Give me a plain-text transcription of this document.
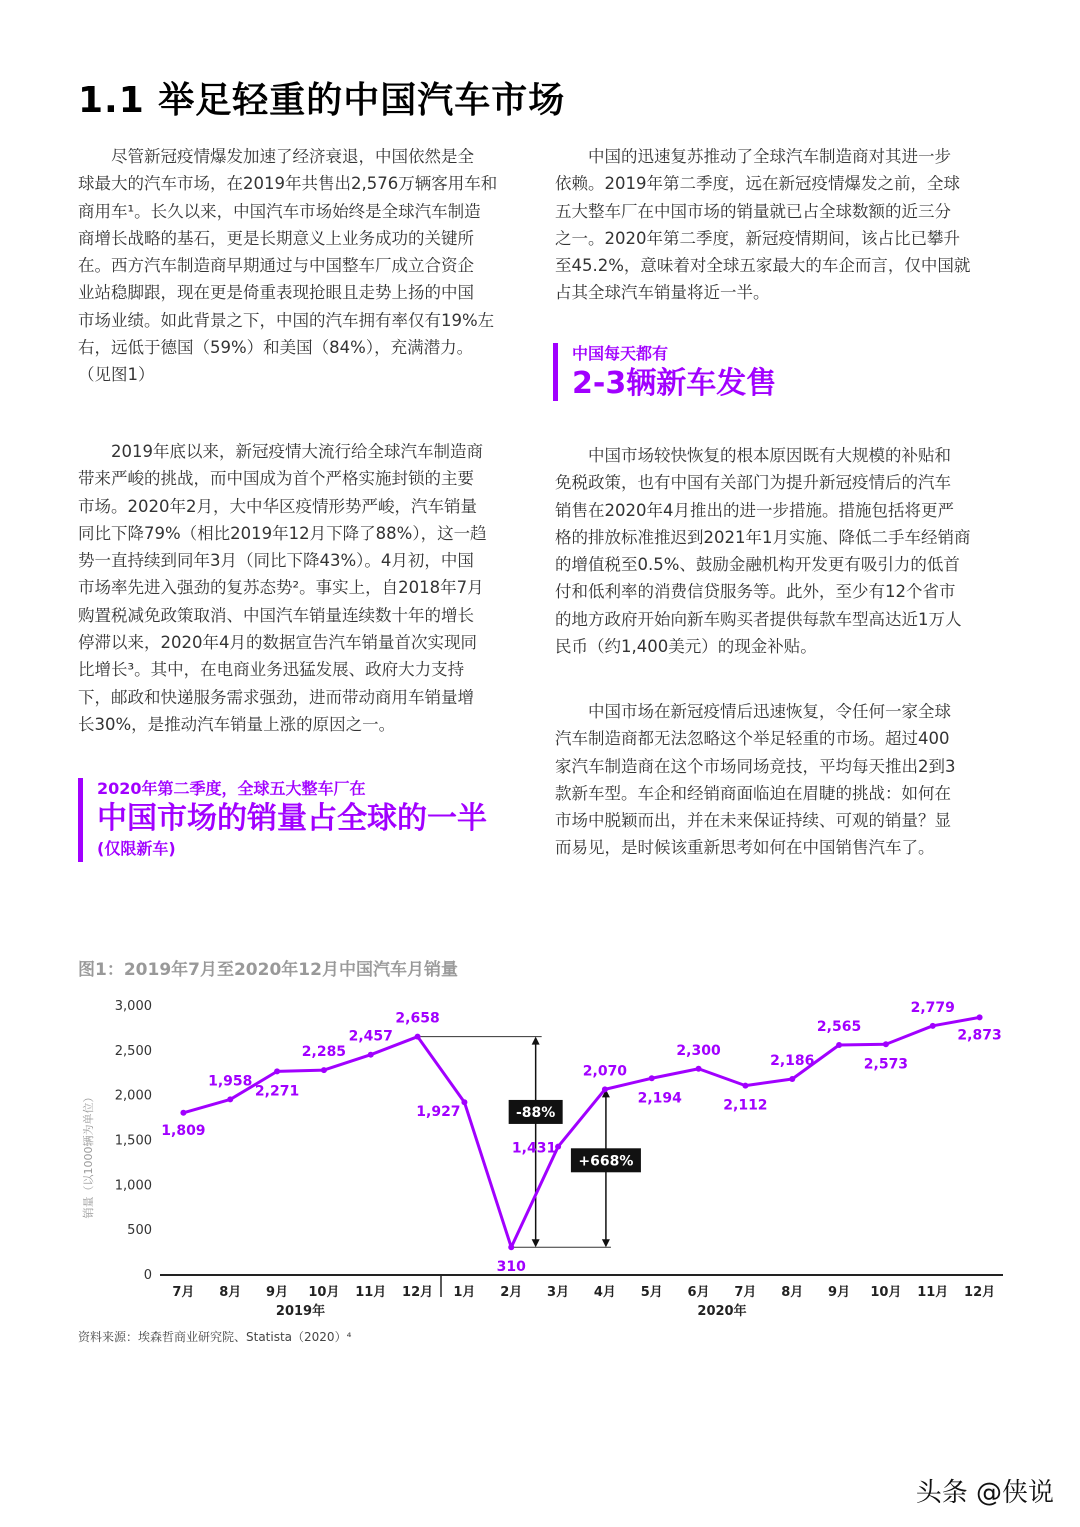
1.1 举足轻重的中国汽车市场
尽管新冠疫情爆发加速了经济衰退，中国依然是全
球最大的汽车市场，在2019年共售出2,576万辆客用车和
商用车¹。长久以来，中国汽车市场始终是全球汽车制造
商增长战略的基石，更是长期意义上业务成功的关键所
在。西方汽车制造商早期通过与中国整车厂成立合资企
业站稳脚跟，现在更是倚重表现抢眼且走势上扬的中国
市场业绩。如此背景之下，中国的汽车拥有率仅有19%左
右，远低于德国（59%）和美国（84%），充满潜力。
（见图1）
2019年底以来，新冠疫情大流行给全球汽车制造商
带来严峻的挑战，而中国成为首个严格实施封锁的主要
市场。2020年2月，大中华区疫情形势严峻，汽车销量
同比下降79%（相比2019年12月下降了88%），这一趋
势一直持续到同年3月（同比下降43%）。4月初，中国
市场率先进入强劲的复苏态势²。事实上，自2018年7月
购置税减免政策取消、中国汽车销量连续数十年的增长
停滞以来，2020年4月的数据宣告汽车销量首次实现同
比增长³。其中，在电商业务迅猛发展、政府大力支持
下，邮政和快递服务需求强劲，进而带动商用车销量增
长30%，是推动汽车销量上涨的原因之一。
2020年第二季度，全球五大整车厂在
中国市场的销量占全球的一半
(仅限新车)
中国的迅速复苏推动了全球汽车制造商对其进一步
依赖。2019年第二季度，远在新冠疫情爆发之前，全球
五大整车厂在中国市场的销量就已占全球数额的近三分
之一。2020年第二季度，新冠疫情期间，该占比已攀升
至45.2%，意味着对全球五家最大的车企而言，仅中国就
占其全球汽车销量将近一半。
中国每天都有
2-3辆新车发售
中国市场较快恢复的根本原因既有大规模的补贴和
免税政策，也有中国有关部门为提升新冠疫情后的汽车
销售在2020年4月推出的进一步措施。措施包括将更严
格的排放标准推迟到2021年1月实施、降低二手车经销商
的增值税至0.5%、鼓励金融机构开发更有吸引力的低首
付和低利率的消费信贷服务等。此外，至少有12个省市
的地方政府开始向新车购买者提供每款车型高达近1万人
民币（约1,400美元）的现金补贴。
中国市场在新冠疫情后迅速恢复，令任何一家全球
汽车制造商都无法忽略这个举足轻重的市场。超过400
家汽车制造商在这个市场同场竞技，平均每天推出2到3
款新车型。车企和经销商面临迫在眉睫的挑战：如何在
市场中脱颖而出，并在未来保证持续、可观的销量？显
而易见，是时候该重新思考如何在中国销售汽车了。
图1：2019年7月至2020年12月中国汽车月销量
销量（以1000辆为单位）
0
500
1,000
1,500
2,000
2,500
3,000
7月 8月 9月 10月 11月 12月 1月 2月 3月 4月 5月 6月 7月 8月 9月 10月 11月 12月
2019年	2020年
-88%
+668%
1,809
1,958
2,271
2,285
2,457
2,658
1,927
310
1,431
2,070
2,194
2,300
2,112
2,186
2,565
2,573
2,779
2,873
资料来源：埃森哲商业研究院、Statista（2020）⁴
头条 @侠说
